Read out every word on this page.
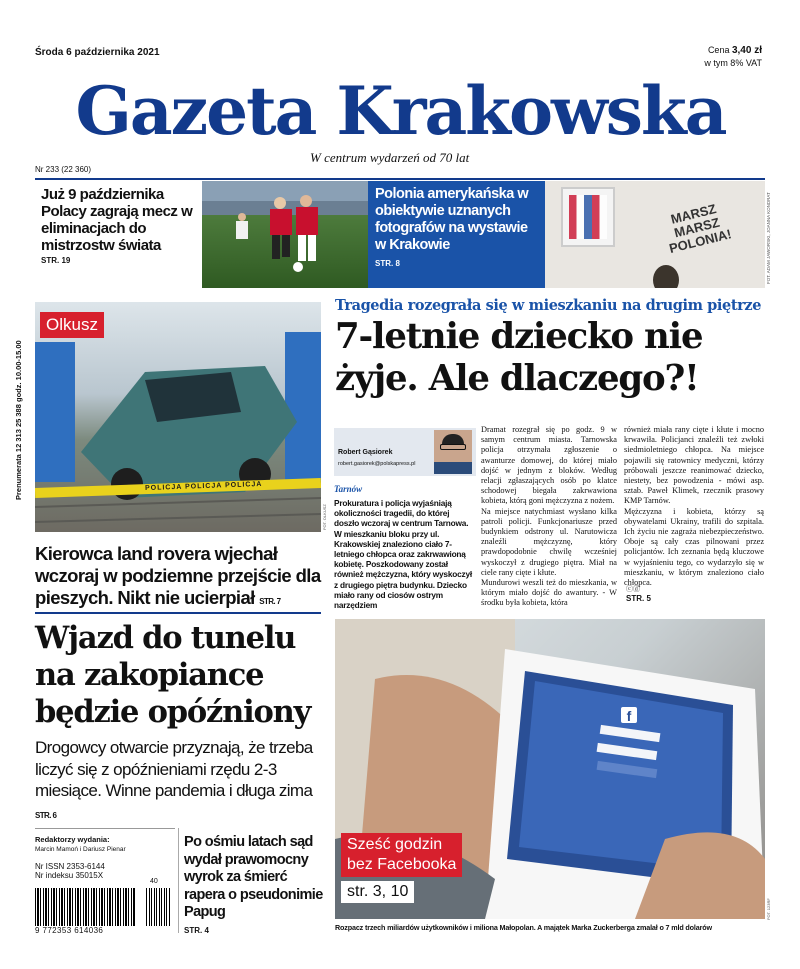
Środa 6 października 2021	Cena 3,40 zł
w tym 8% VAT
Gazeta Krakowska
W centrum wydarzeń od 70 lat
Nr 233 (22 360)
Już 9 października Polacy zagrają mecz w eliminacjach do mistrzostw świata
STR. 19
Polonia amerykańska w obiektywie uznanych fotografów na wystawie w Krakowie
STR. 8
MARSZ MARSZ POLONIA!	FOT. ADAM JAWORSKI, JOANNA KONDRAT
Prenumerata 12 313 25 388 godz. 10.00-15.00	POLICJA POLICJA POLICJA
Olkusz
FOT. OLKUSZ
Kierowca land rovera wjechał wczoraj w podziemne przejście dla pieszych. Nikt nie ucierpiał STR. 7
Tragedia rozegrała się w mieszkaniu na drugim piętrze
7-letnie dziecko nie żyje. Ale dlaczego?!
Robert Gąsiorek
robert.gasiorek@polskapress.pl
Tarnów
Prokuratura i policja wyjaśniają okoliczności tragedii, do której doszło wczoraj w centrum Tarnowa. W mieszkaniu bloku przy ul. Krakowskiej znaleziono ciało 7-letniego chłopca oraz zakrwawioną kobietę. Poszkodowany został również mężczyzna, który wyskoczył z drugiego piętra budynku. Dziecko miało rany od ciosów ostrym narzędziem
Dramat rozegrał się po godz. 9 w samym centrum miasta. Tarnowska policja otrzymała zgłoszenie o awanturze domowej, do której miało dojść w jednym z bloków. Według relacji zgłaszających osób po klatce schodowej biegała zakrwawiona kobieta, którą goni mężczyzna z nożem.
Na miejsce natychmiast wysłano kilka patroli policji. Funkcjonariusze przed budynkiem odstrony ul. Narutowicza znaleźli mężczyznę, który prawdopodobnie chwilę wcześniej wyskoczył z drugiego piętra. Miał na ciele rany cięte i kłute.
Mundurowi weszli też do mieszkania, w którym miało dojść do awantury. - W środku była kobieta, która
również miała rany cięte i kłute i mocno krwawiła. Policjanci znaleźli też zwłoki siedmioletniego chłopca. Na miejsce pojawili się ratownicy medyczni, którzy próbowali jeszcze reanimować dziecko, niestety, bez powodzenia - mówi asp. sztab. Paweł Klimek, rzecznik prasowy KMP Tarnów.
Mężczyzna i kobieta, którzy są obywatelami Ukrainy, trafili do szpitala. Ich życiu nie zagraża niebezpieczeństwo. Oboje są cały czas pilnowani przez policjantów. Ich zeznania będą kluczowe w wyjaśnieniu tego, co wydarzyło się w mieszkaniu, w którym znaleziono ciało chłopca.
ⓒⓓ
STR. 5
Wjazd do tunelu na zakopiance będzie opóźniony
Drogowcy otwarcie przyznają, że trzeba liczyć się z opóźnieniami rzędu 2-3 miesiące. Winne pandemia i długa zima STR. 6
Redaktorzy wydania:
Marcin Mamoń i Dariusz Pienar
Nr ISSN 2353-6144
Nr indeksu 35015X
9 772353 614036
40
Po ośmiu latach sąd wydał prawomocny wyrok za śmierć rapera o pseudonimie Papug
STR. 4
f
Sześć godzin
bez Facebooka
str. 3, 10
FOT. 123RF
Rozpacz trzech miliardów użytkowników i miliona Małopolan. A majątek Marka Zuckerberga zmalał o 7 mld dolarów
